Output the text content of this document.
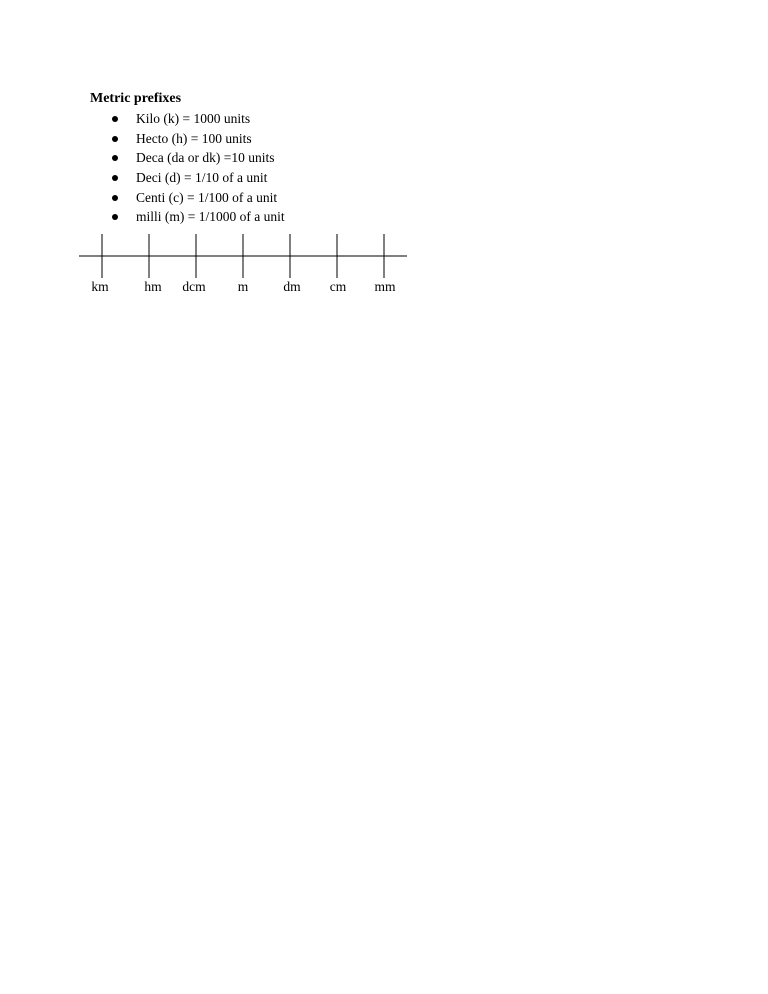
Metric prefixes

Kilo (k) = 1000 units
Hecto (h) = 100 units
Deca (da or dk) =10 units
Deci (d) = 1/10 of a unit
Centi (c) = 1/100 of a unit
milli (m) = 1/1000 of a unit
km	hm dcm m	dm cm mm
